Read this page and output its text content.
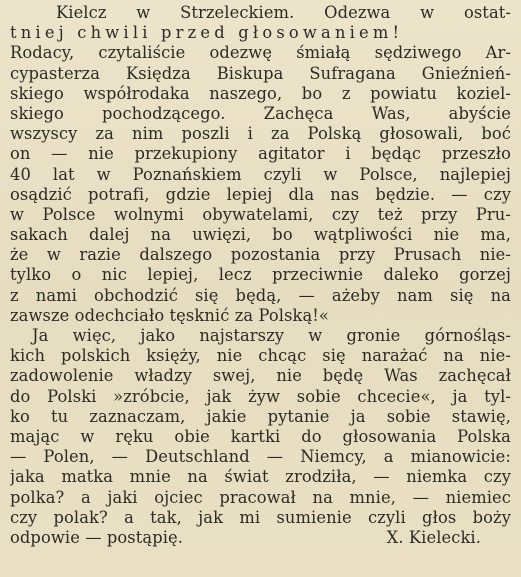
Kielcz w Strzeleckiem. Odezwa w ostat-
tniej chwili przed głosowaniem!
Rodacy, czytaliście odezwę śmiałą sędziwego Ar-
cypasterza Księdza Biskupa Sufragana Gnieźnień-
skiego współrodaka naszego, bo z powiatu koziel-
skiego pochodzącego. Zachęca Was, abyście
wszyscy za nim poszli i za Polską głosowali, boć
on — nie przekupiony agitator i będąc przeszło
40 lat w Poznańskiem czyli w Polsce, najlepiej
osądzić potrafi, gdzie lepiej dla nas będzie. — czy
w Polsce wolnymi obywatelami, czy też przy Pru-
sakach dalej na uwięzi, bo wątpliwości nie ma,
że w razie dalszego pozostania przy Prusach nie-
tylko o nic lepiej, lecz przeciwnie daleko gorzej
z nami obchodzić się będą, — ażeby nam się na
zawsze odechciało tęsknić za Polską!«
Ja więc, jako najstarszy w gronie górnośląs-
kich polskich księży, nie chcąc się narażać na nie-
zadowolenie władzy swej, nie będę Was zachęcał
do Polski »zróbcie, jak żyw sobie chcecie«, ja tyl-
ko tu zaznaczam, jakie pytanie ja sobie stawię,
mając w ręku obie kartki do głosowania Polska
— Polen, — Deutschland — Niemcy, a mianowicie:
jaka matka mnie na świat zrodziła, — niemka czy
polka? a jaki ojciec pracował na mnie, — niemiec
czy polak? a tak, jak mi sumienie czyli głos boży
odpowie — postąpię.	X. Kielecki.
